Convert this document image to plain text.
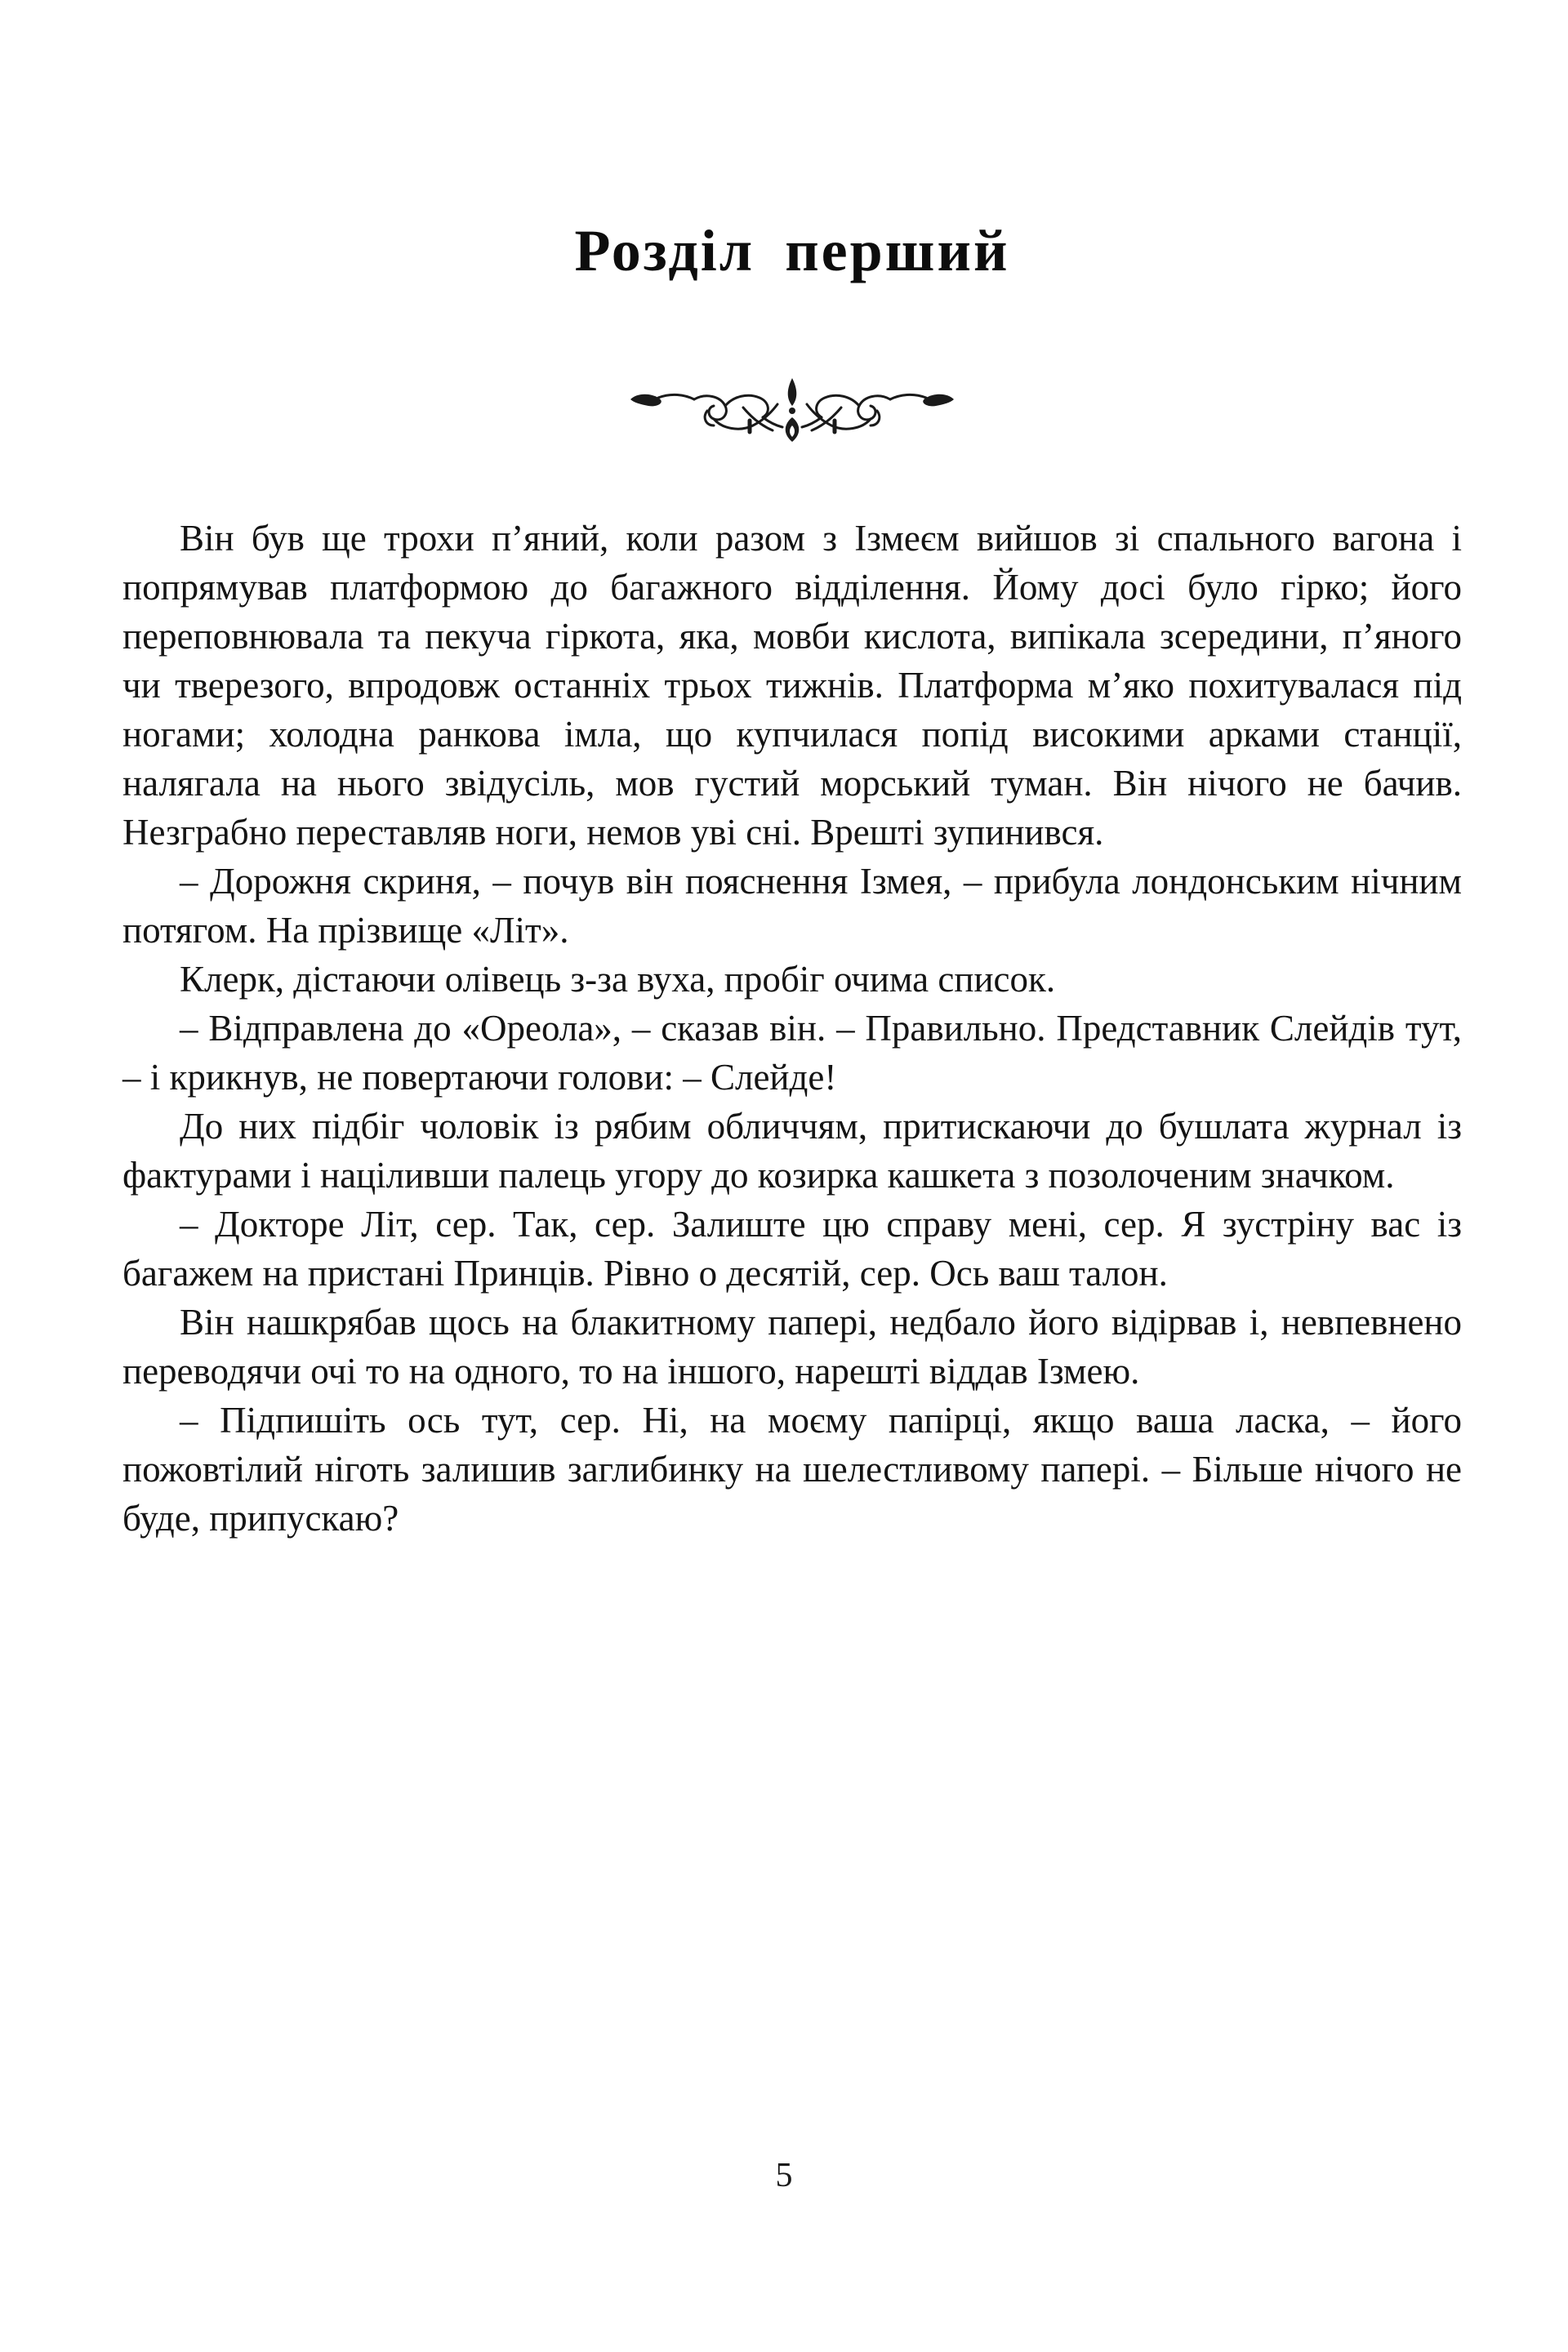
Розділ перший

Він був ще трохи п’яний, коли разом з Ізмеєм вийшов зі спального вагона і попрямував платформою до багажного відділення. Йому досі було гірко; його переповнювала та пекуча гіркота, яка, мовби кислота, випікала зсередини, п’яного чи тверезого, впродовж останніх трьох тижнів. Платформа м’яко похитувалася під ногами; холодна ранкова імла, що купчилася попід високими арками станції, налягала на нього звідусіль, мов густий морський туман. Він нічого не бачив. Незграбно переставляв ноги, немов уві сні. Врешті зупинився.

– Дорожня скриня, – почув він пояснення Ізмея, – прибула лондонським нічним потягом. На прізвище «Літ».

Клерк, дістаючи олівець з-за вуха, пробіг очима список.

– Відправлена до «Ореола», – сказав він. – Правильно. Представник Слейдів тут, – і крикнув, не повертаючи голови: – Слейде!

До них підбіг чоловік із рябим обличчям, притискаючи до бушлата журнал із фактурами і націливши палець угору до козирка кашкета з позолоченим значком.

– Докторе Літ, сер. Так, сер. Залиште цю справу мені, сер. Я зустріну вас із багажем на пристані Принців. Рівно о десятій, сер. Ось ваш талон.

Він нашкрябав щось на блакитному папері, недбало його відірвав і, невпевнено переводячи очі то на одного, то на іншого, нарешті віддав Ізмею.

– Підпишіть ось тут, сер. Ні, на моєму папірці, якщо ваша ласка, – його пожовтілий ніготь залишив заглибинку на шелестливому папері. – Більше нічого не буде, припускаю?

5
